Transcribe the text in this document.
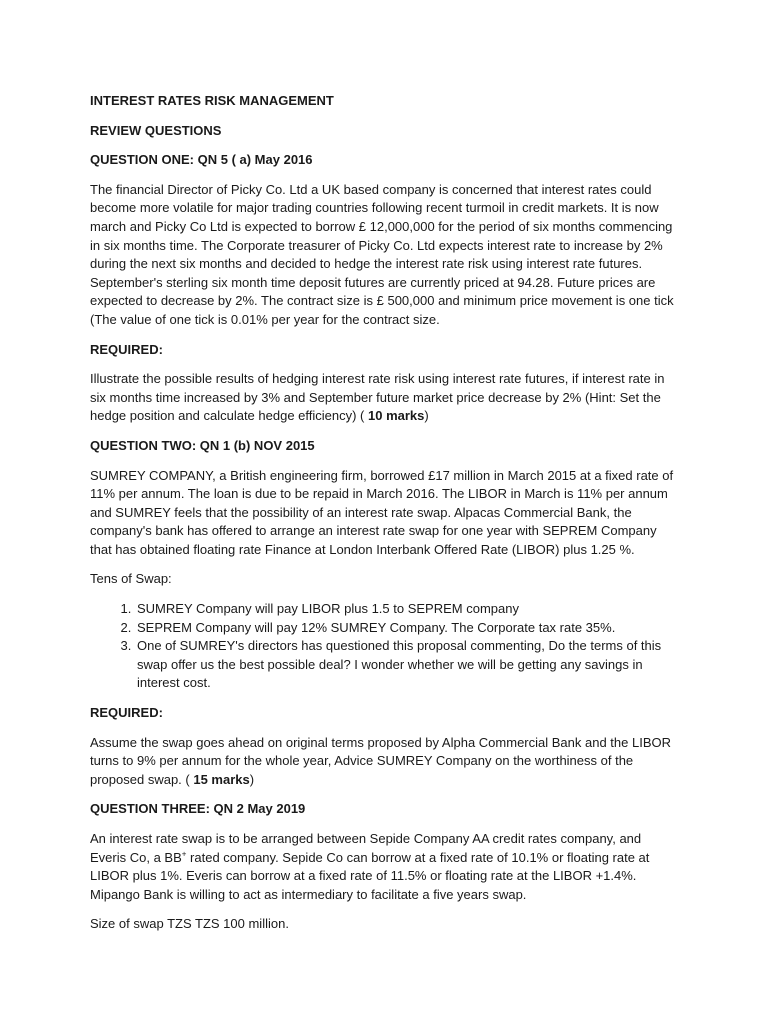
INTEREST RATES RISK MANAGEMENT

REVIEW QUESTIONS

QUESTION ONE: QN 5 ( a) May 2016

The financial Director of Picky Co. Ltd a UK based company is concerned that interest rates could become more volatile for major trading countries following recent turmoil in credit markets. It is now march and Picky Co Ltd is expected to borrow £ 12,000,000 for the period of six months commencing in six months time. The Corporate treasurer of Picky Co. Ltd expects interest rate to increase by 2% during the next six months and decided to hedge the interest rate risk using interest rate futures. September's sterling six month time deposit futures are currently priced at 94.28. Future prices are expected to decrease by 2%. The contract size is £ 500,000 and minimum price movement is one tick (The value of one tick is 0.01% per year for the contract size.

REQUIRED:

Illustrate the possible results of hedging interest rate risk using interest rate futures, if interest rate in six months time increased by 3% and September future market price decrease by 2% (Hint: Set the hedge position and calculate hedge efficiency) ( 10 marks)

QUESTION TWO: QN 1 (b) NOV 2015

SUMREY COMPANY, a British engineering firm, borrowed £17 million in March 2015 at a fixed rate of 11% per annum. The loan is due to be repaid in March 2016. The LIBOR in March is 11% per annum and SUMREY feels that the possibility of an interest rate swap. Alpacas Commercial Bank, the company's bank has offered to arrange an interest rate swap for one year with SEPREM Company that has obtained floating rate Finance at London Interbank Offered Rate (LIBOR) plus 1.25 %.

Tens of Swap:

1. SUMREY Company will pay LIBOR plus 1.5 to SEPREM company
2. SEPREM Company will pay 12% SUMREY Company. The Corporate tax rate 35%.
3. One of SUMREY's directors has questioned this proposal commenting, Do the terms of this swap offer us the best possible deal? I wonder whether we will be getting any savings in interest cost.

REQUIRED:

Assume the swap goes ahead on original terms proposed by Alpha Commercial Bank and the LIBOR turns to 9% per annum for the whole year, Advice SUMREY Company on the worthiness of the proposed swap. ( 15 marks)

QUESTION THREE: QN 2 May 2019

An interest rate swap is to be arranged between Sepide Company AA credit rates company, and Everis Co, a BB+ rated company. Sepide Co can borrow at a fixed rate of 10.1% or floating rate at LIBOR plus 1%. Everis can borrow at a fixed rate of 11.5% or floating rate at the LIBOR +1.4%. Mipango Bank is willing to act as intermediary to facilitate a five years swap.

Size of swap TZS TZS 100 million.
